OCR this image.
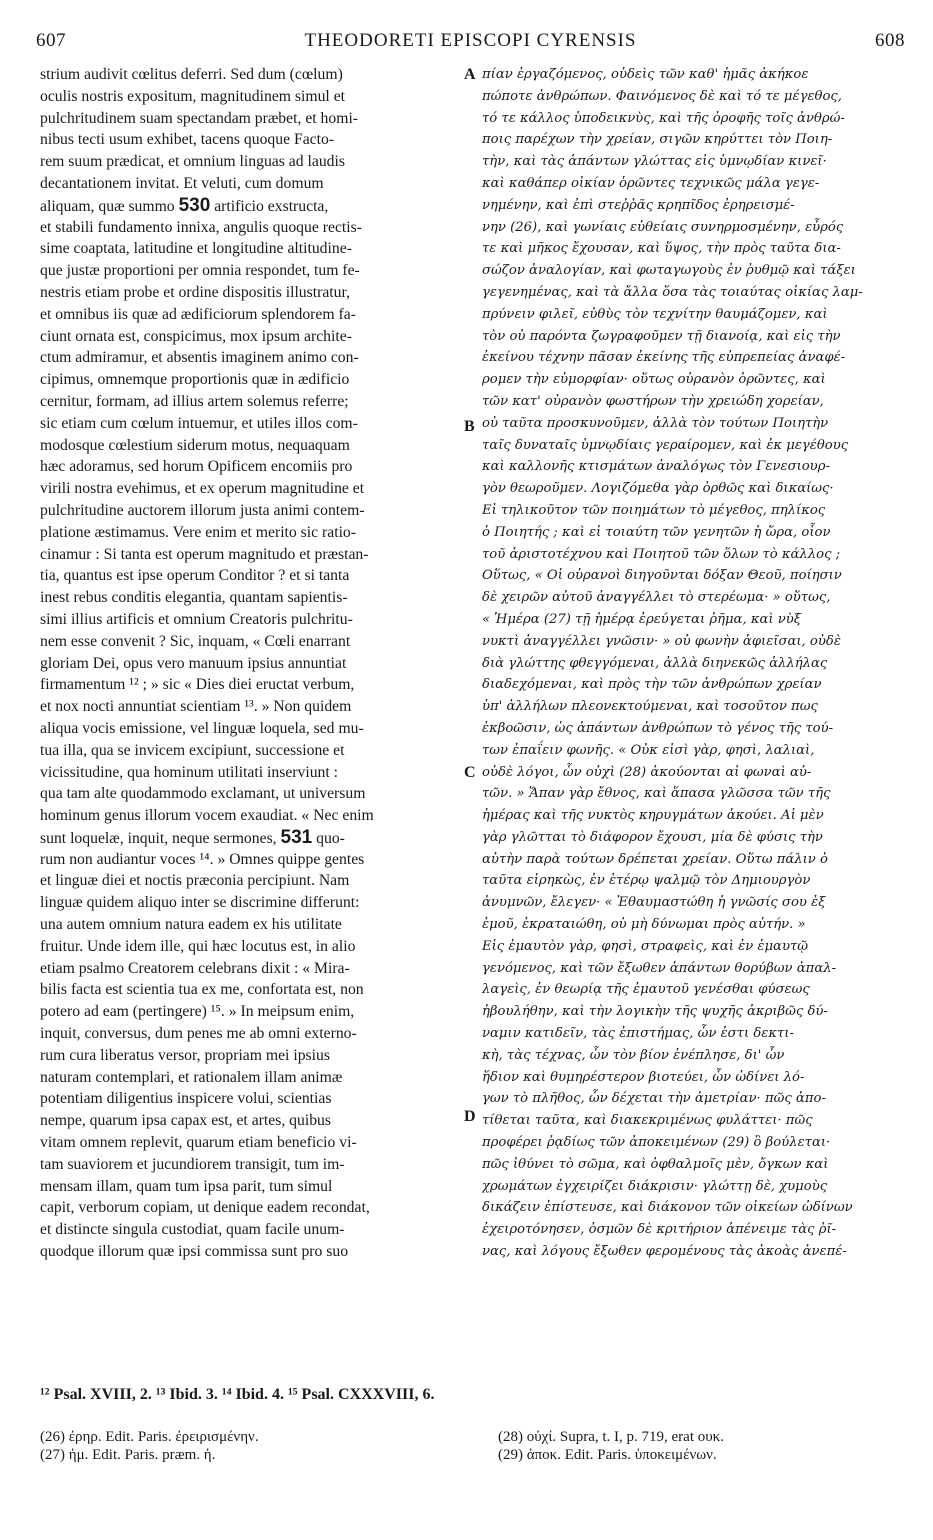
607	THEODORETI EPISCOPI CYRENSIS	608
strium audivit cœlitus deferri. Sed dum (cœlum)
oculis nostris expositum, magnitudinem simul et
pulchritudinem suam spectandam præbet, et homi-
nibus tecti usum exhibet, tacens quoque Facto-
rem suum prædicat, et omnium linguas ad laudis
decantationem invitat. Et veluti, cum domum
aliquam, quæ summo 530 artificio exstructa,
et stabili fundamento innixa, angulis quoque rectis-
sime coaptata, latitudine et longitudine altitudine-
que justæ proportioni per omnia respondet, tum fe-
nestris etiam probe et ordine dispositis illustratur,
et omnibus iis quæ ad ædificiorum splendorem fa-
ciunt ornata est, conspicimus, mox ipsum archite-
ctum admiramur, et absentis imaginem animo con-
cipimus, omnemque proportionis quæ in ædificio
cernitur, formam, ad illius artem solemus referre;
sic etiam cum cœlum intuemur, et utiles illos com-
modosque cœlestium siderum motus, nequaquam
hæc adoramus, sed horum Opificem encomiis pro
virili nostra evehimus, et ex operum magnitudine et
pulchritudine auctorem illorum justa animi contem-
platione æstimamus. Vere enim et merito sic ratio-
cinamur : Si tanta est operum magnitudo et præstan-
tia, quantus est ipse operum Conditor ? et si tanta
inest rebus conditis elegantia, quantam sapientis-
simi illius artificis et omnium Creatoris pulchritu-
nem esse convenit ? Sic, inquam, « Cœli enarrant
gloriam Dei, opus vero manuum ipsius annuntiat
firmamentum ¹² ; » sic « Dies diei eructat verbum,
et nox nocti annuntiat scientiam ¹³. » Non quidem
aliqua vocis emissione, vel linguæ loquela, sed mu-
tua illa, qua se invicem excipiunt, successione et
vicissitudine, qua hominum utilitati inserviunt :
qua tam alte quodammodo exclamant, ut universum
hominum genus illorum vocem exaudiat. « Nec enim
sunt loquelæ, inquit, neque sermones, 531 quo-
rum non audiantur voces ¹⁴. » Omnes quippe gentes
et linguæ diei et noctis præconia percipiunt. Nam
linguæ quidem aliquo inter se discrimine differunt:
una autem omnium natura eadem ex his utilitate
fruitur. Unde idem ille, qui hæc locutus est, in alio
etiam psalmo Creatorem celebrans dixit : « Mira-
bilis facta est scientia tua ex me, confortata est, non
potero ad eam (pertingere) ¹⁵. » In meipsum enim,
inquit, conversus, dum penes me ab omni externo-
rum cura liberatus versor, propriam mei ipsius
naturam contemplari, et rationalem illam animæ
potentiam diligentius inspicere volui, scientias
nempe, quarum ipsa capax est, et artes, quibus
vitam omnem replevit, quarum etiam beneficio vi-
tam suaviorem et jucundiorem transigit, tum im-
mensam illam, quam tum ipsa parit, tum simul
capit, verborum copiam, ut denique eadem recondat,
et distincte singula custodiat, quam facile unum-
quodque illorum quæ ipsi commissa sunt pro suo
A
B
C
D
πίαν ἐργαζόμενος, οὐδεὶς τῶν καθ' ἡμᾶς ἀκήκοε
πώποτε ἀνθρώπων. Φαινόμενος δὲ καὶ τό τε μέγεθος,
τό τε κάλλος ὑποδεικνὺς, καὶ τῆς ὀροφῆς τοῖς ἀνθρώ-
ποις παρέχων τὴν χρείαν, σιγῶν κηρύττει τὸν Ποιη-
τὴν, καὶ τὰς ἁπάντων γλώττας εἰς ὑμνῳδίαν κινεῖ·
καὶ καθάπερ οἰκίαν ὁρῶντες τεχνικῶς μάλα γεγε-
νημένην, καὶ ἐπὶ στεῤῥᾶς κρηπῖδος ἐρηρεισμέ-
νην (26), καὶ γωνίαις εὐθείαις συνηρμοσμένην, εὖρός
τε καὶ μῆκος ἔχουσαν, καὶ ὕψος, τὴν πρὸς ταῦτα δια-
σώζον ἀναλογίαν, καὶ φωταγωγοὺς ἐν ῥυθμῷ καὶ τάξει
γεγενημένας, καὶ τὰ ἄλλα ὅσα τὰς τοιαύτας οἰκίας λαμ-
πρύνειν φιλεῖ, εὐθὺς τὸν τεχνίτην θαυμάζομεν, καὶ
τὸν οὐ παρόντα ζωγραφοῦμεν τῇ διανοίᾳ, καὶ εἰς τὴν
ἐκείνου τέχνην πᾶσαν ἐκείνης τῆς εὐπρεπείας ἀναφέ-
ρομεν τὴν εὐμορφίαν· οὕτως οὐρανὸν ὁρῶντες, καὶ
τῶν κατ' οὐρανὸν φωστήρων τὴν χρειώδη χορείαν,
οὐ ταῦτα προσκυνοῦμεν, ἀλλὰ τὸν τούτων Ποιητὴν
ταῖς δυναταῖς ὑμνῳδίαις γεραίρομεν, καὶ ἐκ μεγέθους
καὶ καλλονῆς κτισμάτων ἀναλόγως τὸν Γενεσιουρ-
γὸν θεωροῦμεν. Λογιζόμεθα γὰρ ὀρθῶς καὶ δικαίως·
Εἰ τηλικοῦτον τῶν ποιημάτων τὸ μέγεθος, πηλίκος
ὁ Ποιητής ; καὶ εἰ τοιαύτη τῶν γενητῶν ἡ ὥρα, οἷον
τοῦ ἀριστοτέχνου καὶ Ποιητοῦ τῶν ὅλων τὸ κάλλος ;
Οὕτως, « Οἱ οὐρανοὶ διηγοῦνται δόξαν Θεοῦ, ποίησιν
δὲ χειρῶν αὐτοῦ ἀναγγέλλει τὸ στερέωμα· » οὕτως,
« Ἡμέρα (27) τῇ ἡμέρᾳ ἐρεύγεται ῥῆμα, καὶ νὺξ
νυκτὶ ἀναγγέλλει γνῶσιν· » οὐ φωνὴν ἀφιεῖσαι, οὐδὲ
διὰ γλώττης φθεγγόμεναι, ἀλλὰ διηνεκῶς ἀλλήλας
διαδεχόμεναι, καὶ πρὸς τὴν τῶν ἀνθρώπων χρείαν
ὑπ' ἀλλήλων πλεονεκτούμεναι, καὶ τοσοῦτον πως
ἐκβοῶσιν, ὡς ἁπάντων ἀνθρώπων τὸ γένος τῆς τού-
των ἐπαΐειν φωνῆς. « Οὐκ εἰσὶ γὰρ, φησὶ, λαλιαὶ,
οὐδὲ λόγοι, ὧν οὐχὶ (28) ἀκούονται αἱ φωναὶ αὐ-
τῶν. » Ἅπαν γὰρ ἔθνος, καὶ ἅπασα γλῶσσα τῶν τῆς
ἡμέρας καὶ τῆς νυκτὸς κηρυγμάτων ἀκούει. Αἱ μὲν
γὰρ γλῶτται τὸ διάφορον ἔχουσι, μία δὲ φύσις τὴν
αὐτὴν παρὰ τούτων δρέπεται χρείαν. Οὕτω πάλιν ὁ
ταῦτα εἰρηκὼς, ἐν ἑτέρῳ ψαλμῷ τὸν Δημιουργὸν
ἀνυμνῶν, ἔλεγεν· « Ἐθαυμαστώθη ἡ γνῶσίς σου ἐξ
ἐμοῦ, ἐκραταιώθη, οὐ μὴ δύνωμαι πρὸς αὐτήν. »
Εἰς ἐμαυτὸν γὰρ, φησὶ, στραφεὶς, καὶ ἐν ἐμαυτῷ
γενόμενος, καὶ τῶν ἔξωθεν ἁπάντων θορύβων ἀπαλ-
λαγεὶς, ἐν θεωρίᾳ τῆς ἐμαυτοῦ γενέσθαι φύσεως
ἠβουλήθην, καὶ τὴν λογικὴν τῆς ψυχῆς ἀκριβῶς δύ-
ναμιν κατιδεῖν, τὰς ἐπιστήμας, ὧν ἐστι δεκτι-
κὴ, τὰς τέχνας, ὧν τὸν βίον ἐνέπλησε, δι' ὧν
ἥδιον καὶ θυμηρέστερον βιοτεύει, ὧν ὠδίνει λό-
γων τὸ πλῆθος, ὧν δέχεται τὴν ἀμετρίαν· πῶς ἀπο-
τίθεται ταῦτα, καὶ διακεκριμένως φυλάττει· πῶς
προφέρει ῥᾳδίως τῶν ἀποκειμένων (29) ὃ βούλεται·
πῶς ἰθύνει τὸ σῶμα, καὶ ὀφθαλμοῖς μὲν, ὄγκων καὶ
χρωμάτων ἐγχειρίζει διάκρισιν· γλώττῃ δὲ, χυμοὺς
δικάζειν ἐπίστευσε, καὶ διάκονον τῶν οἰκείων ὠδίνων
ἐχειροτόνησεν, ὀσμῶν δὲ κριτήριον ἀπένειμε τὰς ῥῖ-
νας, καὶ λόγους ἔξωθεν φερομένους τὰς ἀκοὰς ἀνεπέ-
¹² Psal. XVIII, 2. ¹³ Ibid. 3. ¹⁴ Ibid. 4. ¹⁵ Psal. CXXXVIII, 6.
(26) ἐρηρ. Edit. Paris. ἐρειρισμένην.
(27) ἡμ. Edit. Paris. præm. ἡ.
(28) οὐχί. Supra, t. I, p. 719, erat ουκ.
(29) ἀποκ. Edit. Paris. ὑποκειμένων.
